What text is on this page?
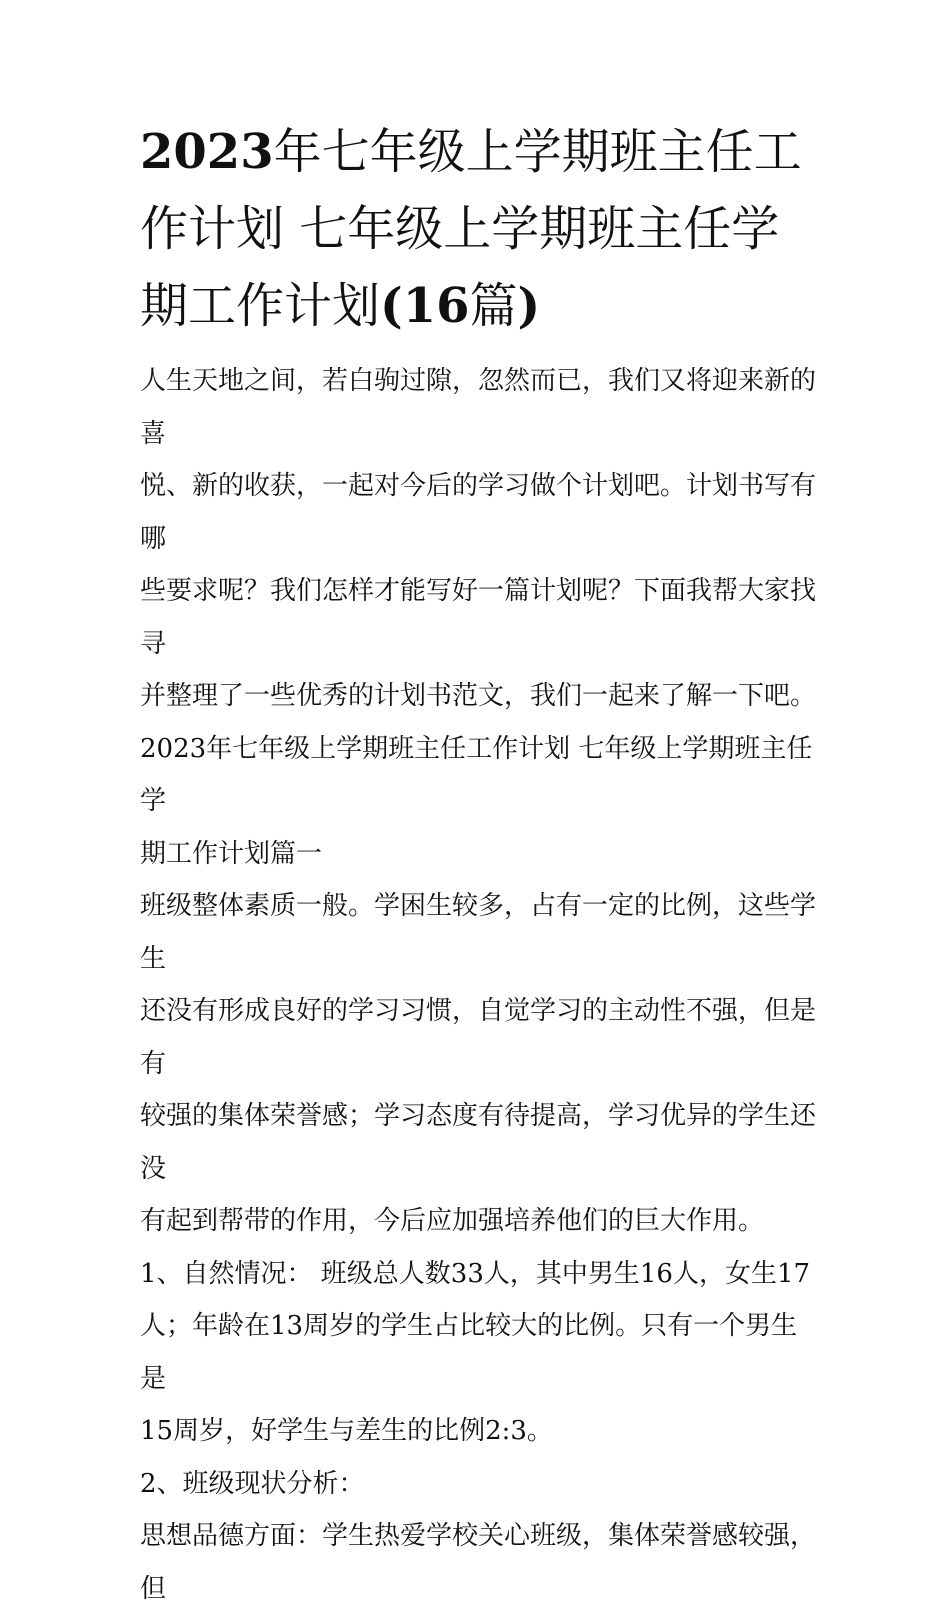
2023年七年级上学期班主任工
作计划 七年级上学期班主任学
期工作计划(16篇)

人生天地之间，若白驹过隙，忽然而已，我们又将迎来新的喜

悦、新的收获，一起对今后的学习做个计划吧。计划书写有哪

些要求呢？我们怎样才能写好一篇计划呢？下面我帮大家找寻

并整理了一些优秀的计划书范文，我们一起来了解一下吧。

2023年七年级上学期班主任工作计划 七年级上学期班主任学

期工作计划篇一

班级整体素质一般。学困生较多，占有一定的比例，这些学生

还没有形成良好的学习习惯，自觉学习的主动性不强，但是有

较强的集体荣誉感；学习态度有待提高，学习优异的学生还没

有起到帮带的作用，今后应加强培养他们的巨大作用。

1、自然情况： 班级总人数33人，其中男生16人，女生17

人；年龄在13周岁的学生占比较大的比例。只有一个男生是

15周岁，好学生与差生的比例2:3。

2、班级现状分析：

思想品德方面：学生热爱学校关心班级，集体荣誉感较强，但
